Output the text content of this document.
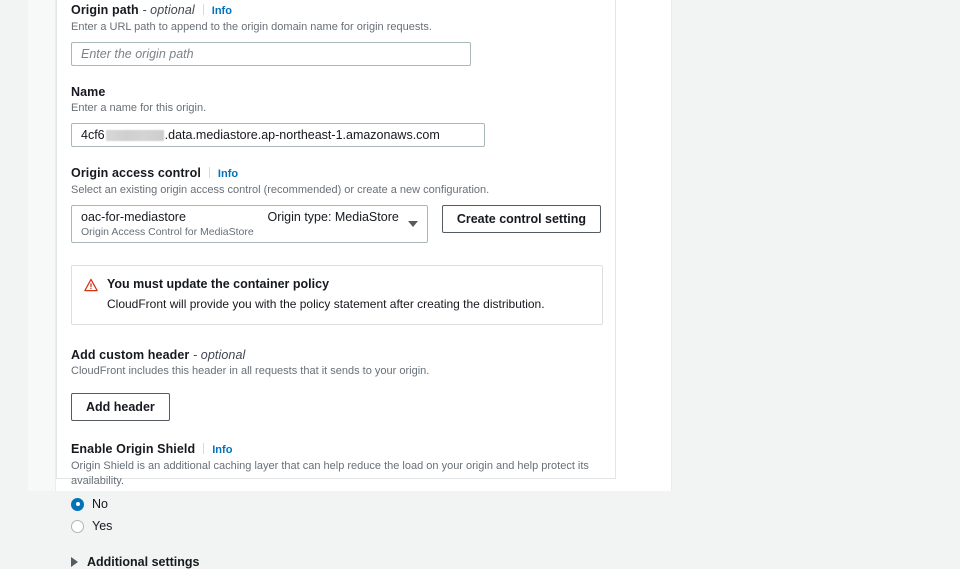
Origin path - optional Info
Enter a URL path to append to the origin domain name for origin requests.
Enter the origin path
Name
Enter a name for this origin.
4cf6	.data.mediastore.ap-northeast-1.amazonaws.com
Origin access control Info
Select an existing origin access control (recommended) or create a new configuration.
oac-for-mediastore	Origin type: MediaStore
Origin Access Control for MediaStore
Create control setting
You must update the container policy
CloudFront will provide you with the policy statement after creating the distribution.
Add custom header - optional
CloudFront includes this header in all requests that it sends to your origin.
Add header
Enable Origin Shield Info
Origin Shield is an additional caching layer that can help reduce the load on your origin and help protect its availability.
No
Yes
Additional settings
